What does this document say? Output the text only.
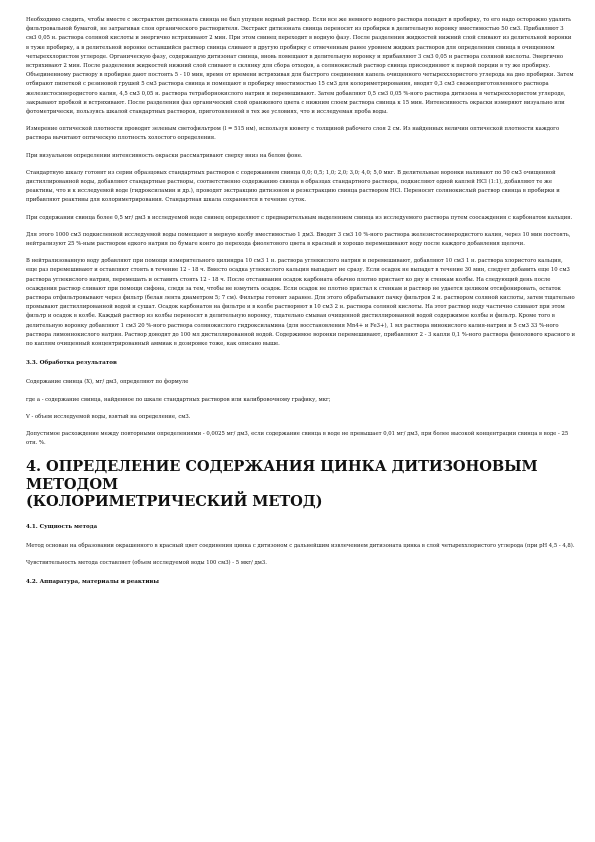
Необходимо следить, чтобы вместе с экстрактом дитизоната свинца не был упущен водный раствор. Если все же немного водного раствора попадет в пробирку, то его надо осторожно удалить фильтровальной бумагой, не затрагивая слоя органического растворителя. Экстракт дитизоната свинца переносят из пробирки в делительную воронку вместимостью 50 см3. Прибавляют 3 см3 0,05 н. раствора соляной кислоты и энергично встряхивают 2 мин. При этом свинец переходит в водную фазу. После разделения жидкостей нижний слой сливают из делительной воронки в туже пробирку, а в делительной воронке оставшийся раствор свинца сливают в другую пробирку с отмеченным ранее уровнем жидких растворов для определения свинца в очищенном четыреххлористом углероде. Органическую фазу, содержащую дитизонат свинца, вновь помещают в делительную воронку и прибавляют 3 см3 0,05 н раствора соляной кислоты. Энергично встряхивают 2 мин. После разделения жидкостей нижний слой сливают в склянку для сбора отходов, а солянокислый раствор свинца присоединяют к первой порции в ту же пробирку. Объединенному раствору в пробирке дают постоять 5 - 10 мин, время от времени встряхивая для быстрого соединения капель очищенного четыреххлористого углерода на дно пробирки. Затем отбирают пипеткой с резиновой грушей 5 см3 раствора свинца и помещают в пробирку вместимостью 15 см3 для колориметрирования, вводят 0,3 см3 свежеприготовленного раствора железистосинеродистого калия, 4,5 см3 0,05 н. раствора тетраборнокислого натрия и перемешивают. Затем добавляют 0,5 см3 0,05 %-ного раствора дитизона в четыреххлористом углероде, закрывают пробкой и встряхивают. После разделения фаз органический слой оранжевого цвета с нижним слоем раствора свинца к 15 мин. Интенсивность окраски измеряют визуально или фотометрически, пользуясь шкалой стандартных растворов, приготовленной в тех же условиях, что и исследуемая проба воды.

Измерение оптической плотности проводят зеленым светофильтром (l = 515 нм), используя кювету с толщиной рабочего слоя 2 см. Из найденных величин оптической плотности каждого раствора вычитают оптическую плотность холостого определения.

При визуальном определении интенсивность окраски рассматривают сверху вниз на белом фоне.

Стандартную шкалу готовят из серии образцовых стандартных растворов с содержанием свинца 0,0; 0,5; 1,0; 2,0; 3,0; 4,0; 5,0 мкг. В делительные воронки наливают по 50 см3 очищенной дистиллированной воды, добавляют стандартные растворы, соответственно содержанию свинца в образцах стандартного раствора, подкисляют одной каплей НСl (1:1), добавляют те же реактивы, что и к исследуемой воде (гидроксиламин и др.), проводят экстракцию дитизоном и реэкстракцию свинца раствором НСl. Переносят солянокислый раствор свинца в пробирки и прибавляют реактивы для колориметрирования. Стандартная шкала сохраняется в течение суток.

При содержании свинца более 0,5 мг/ дм3 в исследуемой воде свинец определяют с предварительным выделением свинца из исследуемого раствора путем соосаждения с карбонатом кальция.

Для этого 1000 см3 подкисленной исследуемой воды помещают в мерную колбу вместимостью 1 дм3. Вводят 3 см3 10 %-ного раствора железистосинеродистого калия, через 10 мин постоять, нейтрализуют 25 %-ным раствором едкого натрия по бумаге конго до перехода фиолетового цвета в красный и хорошо перемешивают воду после каждого добавления щелочи.

В нейтрализованную воду добавляют при помощи измерительного цилиндра 10 см3 1 н. раствора углекислого натрия и перемешивают, добавляют 10 см3 1 н. раствора хлористого кальция, еще раз перемешивают и оставляют стоять в течение 12 - 18 ч. Вместо осадка углекислого кальция выпадает не сразу. Если осадок не выпадет в течение 30 мин, следует добавить еще 10 см3 раствора углекислого натрия, перемешать и оставить стоять 12 - 18 ч. После отстаивания осадок карбоната обычно плотно пристает ко дну и стенкам колбы. На следующий день после осаждения раствор сливают при помощи сифона, следя за тем, чтобы не взмутить осадок. Если осадок не плотно пристал к стенкам и раствор не удается целиком отсифонировать, остаток раствора отфильтровывают через фильтр (белая лента диаметром 5; 7 см). Фильтры готовят заранее. Для этого обрабатывают пачку фильтров 2 н. раствором соляной кислоты, затем тщательно промывают дистиллированной водой и сушат. Осадок карбонатов на фильтре и в колбе растворяют в 10 см3 2 н. раствора соляной кислоты. На этот раствор воду частично сливают при этом фильтр и осадок в колбе. Каждый раствор из колбы переносят в делительную воронку, тщательно смывая очищенной дистиллированной водой содержимое колбы и фильтр. Кроме того в делительную воронку добавляют 1 см3 20 %-ного раствора солянокислого гидроксиламина (для восстановления Mn4+ и Fe3+), 1 мл раствора винокислого калия-натрия и 5 см3 33 %-ного раствора лимоннокислого натрия. Раствор доводят до 100 мл дистиллированной водой. Содержимое воронки перемешивают, прибавляют 2 - 3 капли 0,1 %-ного раствора фенолового красного и по каплям очищенный концентрированный аммиак в дозировке тоже, как описано выше.

3.3. Обработка результатов

Содержание свинца (Х), мг/ дм3, определяют по формуле

где a - содержание свинца, найденное по шкале стандартных растворов или калибровочному графику, мкг;

V - объем исследуемой воды, взятый на определение, см3.

Допустимое расхождение между повторными определениями - 0,0025 мг/ дм3, если содержание свинца в воде не превышает 0,01 мг/ дм3, при более высокой концентрации свинца в воде - 25 отн. %.

4. ОПРЕДЕЛЕНИЕ СОДЕРЖАНИЯ ЦИНКА ДИТИЗОНОВЫМ
МЕТОДОМ
(КОЛОРИМЕТРИЧЕСКИЙ МЕТОД)
4.1. Сущность метода

Метод основан на образовании окрашенного в красный цвет соединения цинка с дитизоном с дальнейшим извлечением дитизоната цинка в слой четыреххлористого углерода (при рН 4,5 - 4,8).

Чувствительность метода составляет (объем исследуемой воды 100 см3) - 5 мкг/ дм3.

4.2. Аппаратура, материалы и реактивы
